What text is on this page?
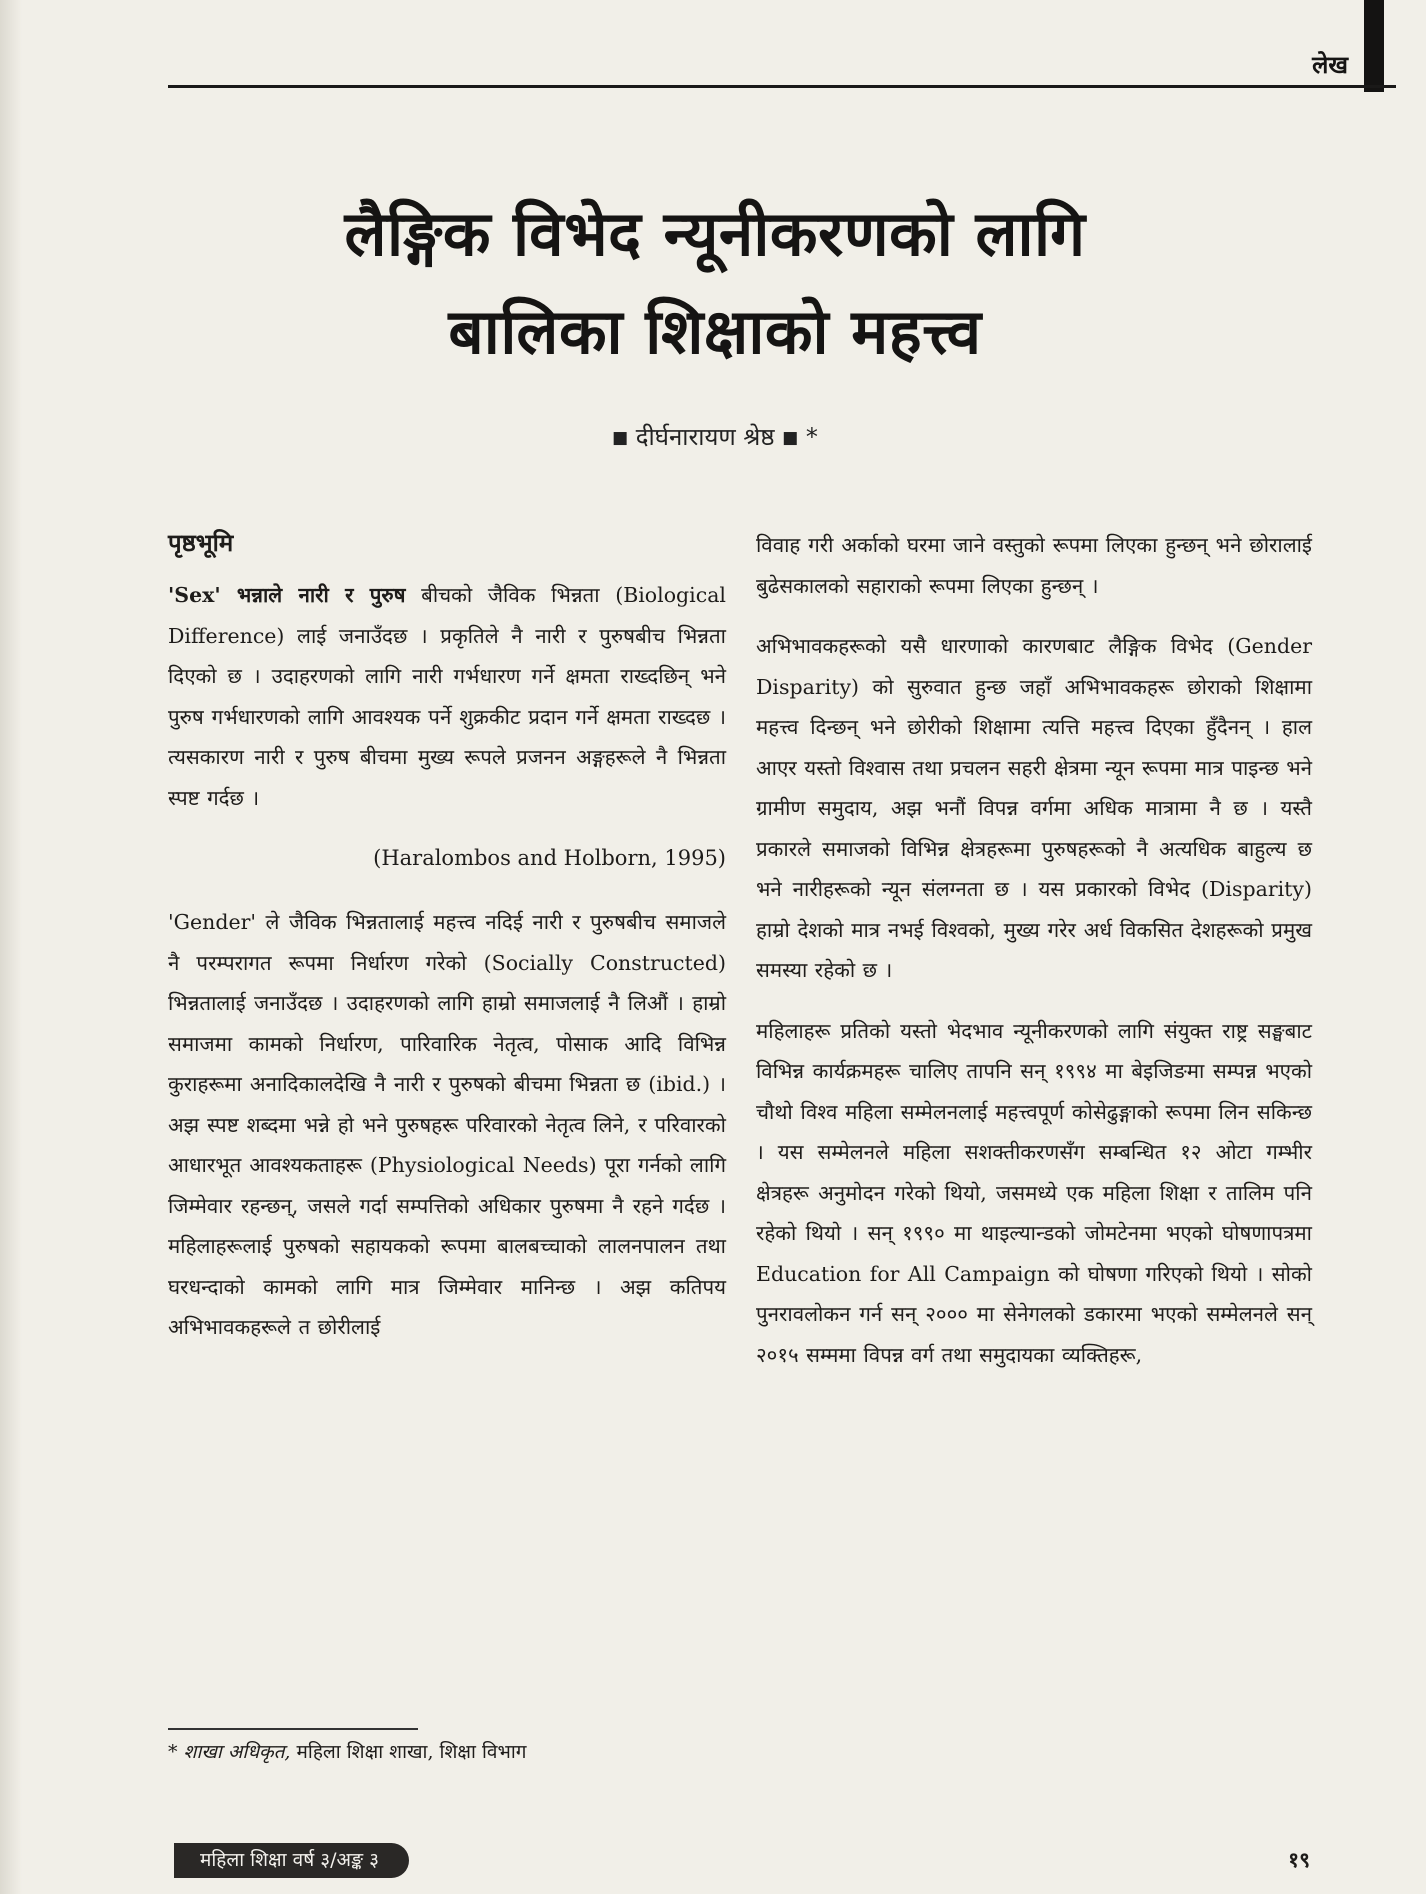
लेख
लैङ्गिक विभेद न्यूनीकरणको लागि
बालिका शिक्षाको महत्त्व
■ दीर्घनारायण श्रेष्ठ ■ *
पृष्ठभूमि

'Sex' भन्नाले नारी र पुरुष बीचको जैविक भिन्नता (Biological Difference) लाई जनाउँदछ । प्रकृतिले नै नारी र पुरुषबीच भिन्नता दिएको छ । उदाहरणको लागि नारी गर्भधारण गर्ने क्षमता राख्दछिन् भने पुरुष गर्भधारणको लागि आवश्यक पर्ने शुक्रकीट प्रदान गर्ने क्षमता राख्दछ । त्यसकारण नारी र पुरुष बीचमा मुख्य रूपले प्रजनन अङ्गहरूले नै भिन्नता स्पष्ट गर्दछ ।

(Haralombos and Holborn, 1995)

'Gender' ले जैविक भिन्नतालाई महत्त्व नदिई नारी र पुरुषबीच समाजले नै परम्परागत रूपमा निर्धारण गरेको (Socially Constructed) भिन्नतालाई जनाउँदछ । उदाहरणको लागि हाम्रो समाजलाई नै लिऔं । हाम्रो समाजमा कामको निर्धारण, पारिवारिक नेतृत्व, पोसाक आदि विभिन्न कुराहरूमा अनादिकालदेखि नै नारी र पुरुषको बीचमा भिन्नता छ (ibid.) । अझ स्पष्ट शब्दमा भन्ने हो भने पुरुषहरू परिवारको नेतृत्व लिने, र परिवारको आधारभूत आवश्यकताहरू (Physiological Needs) पूरा गर्नको लागि जिम्मेवार रहन्छन्, जसले गर्दा सम्पत्तिको अधिकार पुरुषमा नै रहने गर्दछ । महिलाहरूलाई पुरुषको सहायकको रूपमा बालबच्चाको लालनपालन तथा घरधन्दाको कामको लागि मात्र जिम्मेवार मानिन्छ । अझ कतिपय अभिभावकहरूले त छोरीलाई

विवाह गरी अर्काको घरमा जाने वस्तुको रूपमा लिएका हुन्छन् भने छोरालाई बुढेसकालको सहाराको रूपमा लिएका हुन्छन् ।

अभिभावकहरूको यसै धारणाको कारणबाट लैङ्गिक विभेद (Gender Disparity) को सुरुवात हुन्छ जहाँ अभिभावकहरू छोराको शिक्षामा महत्त्व दिन्छन् भने छोरीको शिक्षामा त्यत्ति महत्त्व दिएका हुँदैनन् । हाल आएर यस्तो विश्वास तथा प्रचलन सहरी क्षेत्रमा न्यून रूपमा मात्र पाइन्छ भने ग्रामीण समुदाय, अझ भनौं विपन्न वर्गमा अधिक मात्रामा नै छ । यस्तै प्रकारले समाजको विभिन्न क्षेत्रहरूमा पुरुषहरूको नै अत्यधिक बाहुल्य छ भने नारीहरूको न्यून संलग्नता छ । यस प्रकारको विभेद (Disparity) हाम्रो देशको मात्र नभई विश्वको, मुख्य गरेर अर्ध विकसित देशहरूको प्रमुख समस्या रहेको छ ।

महिलाहरू प्रतिको यस्तो भेदभाव न्यूनीकरणको लागि संयुक्त राष्ट्र सङ्घबाट विभिन्न कार्यक्रमहरू चालिए तापनि सन् १९९४ मा बेइजिङमा सम्पन्न भएको चौथो विश्व महिला सम्मेलनलाई महत्त्वपूर्ण कोसेढुङ्गाको रूपमा लिन सकिन्छ । यस सम्मेलनले महिला सशक्तीकरणसँग सम्बन्धित १२ ओटा गम्भीर क्षेत्रहरू अनुमोदन गरेको थियो, जसमध्ये एक महिला शिक्षा र तालिम पनि रहेको थियो । सन् १९९० मा थाइल्यान्डको जोमटेनमा भएको घोषणापत्रमा Education for All Campaign को घोषणा गरिएको थियो । सोको पुनरावलोकन गर्न सन् २००० मा सेनेगलको डकारमा भएको सम्मेलनले सन् २०१५ सम्ममा विपन्न वर्ग तथा समुदायका व्यक्तिहरू,

* शाखा अधिकृत, महिला शिक्षा शाखा, शिक्षा विभाग
महिला शिक्षा वर्ष ३/अङ्क ३	१९
